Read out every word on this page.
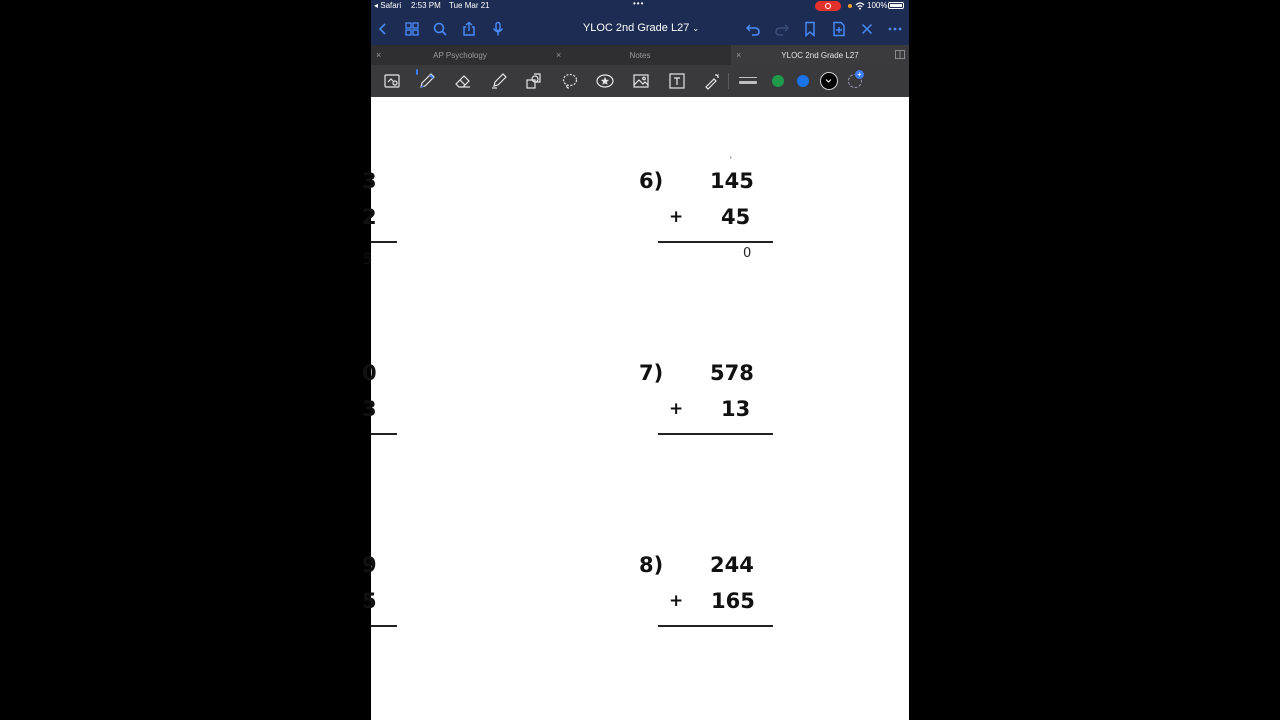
◂ Safari 2:53 PM Tue Mar 21	•••	100%
YLOC 2nd Grade L27 ⌄
×	AP Psychology	×	Notes	×	YLOC 2nd Grade L27
+
3
2
5
0
3
9
5
'
6) 145
+ 45
0
7) 578
+ 13
8) 244
+ 165
